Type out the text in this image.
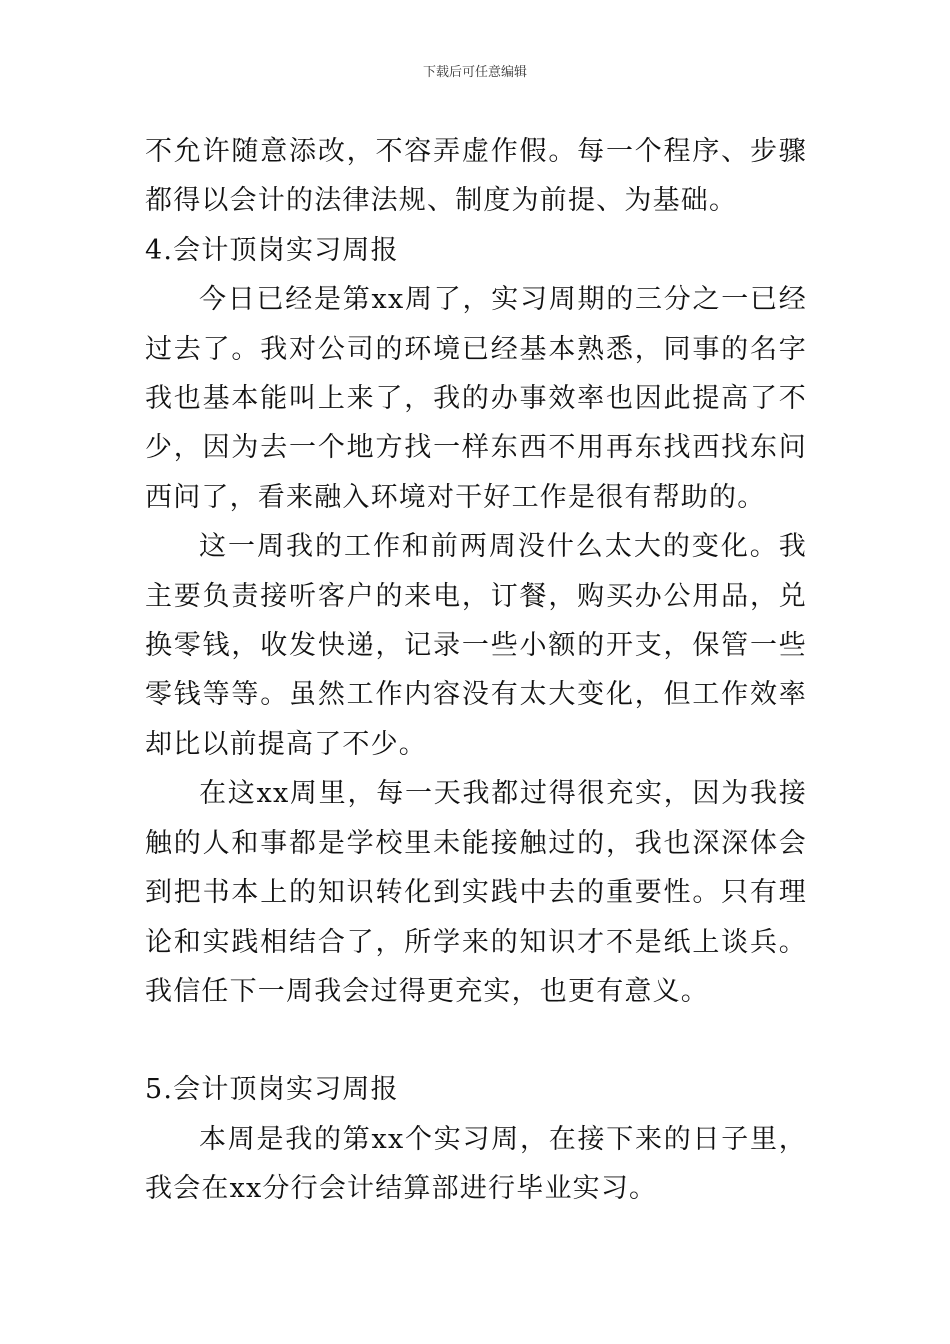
下载后可任意编辑

不允许随意添改，不容弄虚作假。每一个程序、步骤都得以会计的法律法规、制度为前提、为基础。

4.会计顶岗实习周报

今日已经是第xx周了，实习周期的三分之一已经过去了。我对公司的环境已经基本熟悉，同事的名字我也基本能叫上来了，我的办事效率也因此提高了不少，因为去一个地方找一样东西不用再东找西找东问西问了，看来融入环境对干好工作是很有帮助的。

这一周我的工作和前两周没什么太大的变化。我主要负责接听客户的来电，订餐，购买办公用品，兑换零钱，收发快递，记录一些小额的开支，保管一些零钱等等。虽然工作内容没有太大变化，但工作效率却比以前提高了不少。

在这xx周里，每一天我都过得很充实，因为我接触的人和事都是学校里未能接触过的，我也深深体会到把书本上的知识转化到实践中去的重要性。只有理论和实践相结合了，所学来的知识才不是纸上谈兵。我信任下一周我会过得更充实，也更有意义。

5.会计顶岗实习周报

本周是我的第xx个实习周，在接下来的日子里，我会在xx分行会计结算部进行毕业实习。
